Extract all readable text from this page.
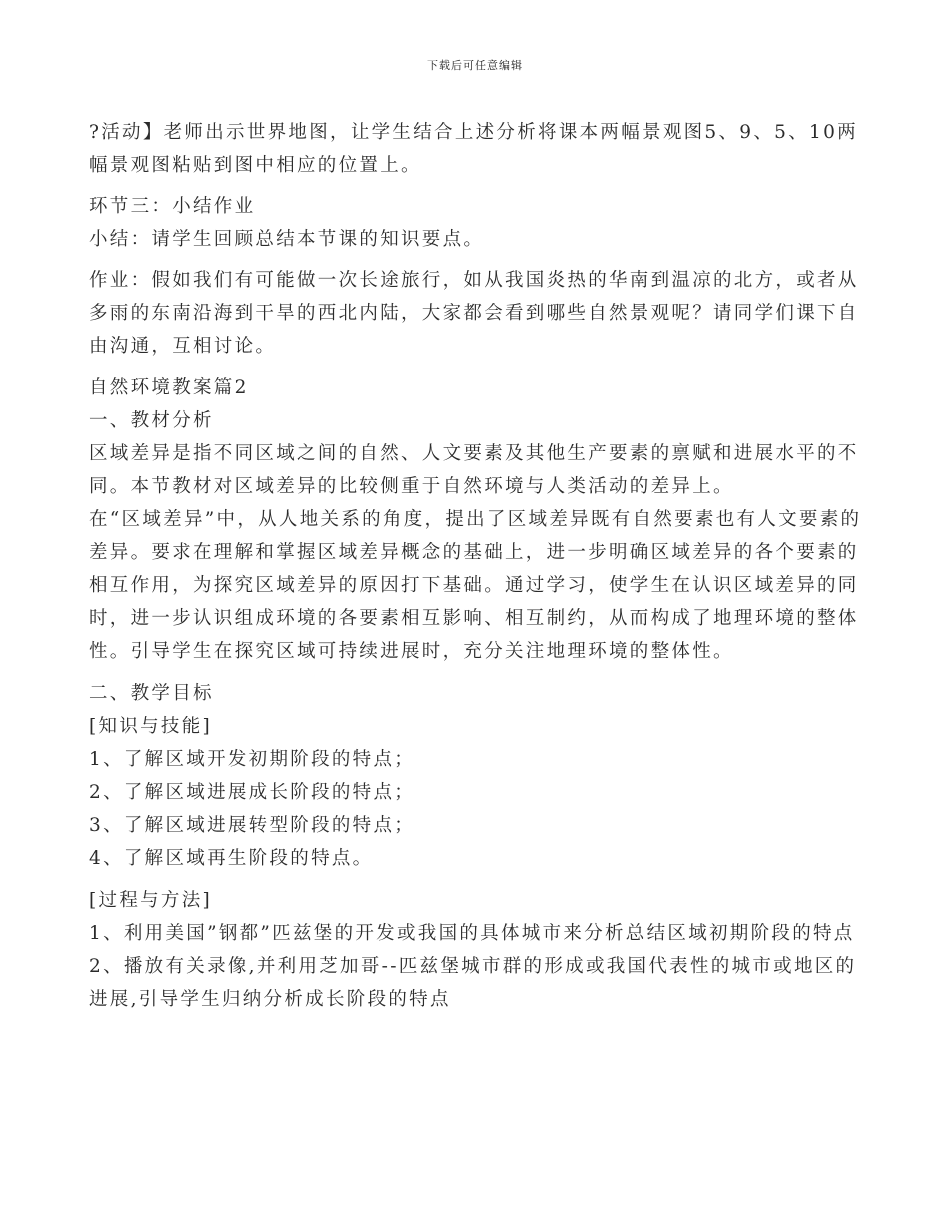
下载后可任意编辑

?活动】老师出示世界地图，让学生结合上述分析将课本两幅景观图5、9、5、10两幅景观图粘贴到图中相应的位置上。

环节三：小结作业

小结：请学生回顾总结本节课的知识要点。

作业：假如我们有可能做一次长途旅行，如从我国炎热的华南到温凉的北方，或者从多雨的东南沿海到干旱的西北内陆，大家都会看到哪些自然景观呢？请同学们课下自由沟通，互相讨论。

自然环境教案篇2

一、教材分析

区域差异是指不同区域之间的自然、人文要素及其他生产要素的禀赋和进展水平的不同。本节教材对区域差异的比较侧重于自然环境与人类活动的差异上。

在“区域差异”中，从人地关系的角度，提出了区域差异既有自然要素也有人文要素的差异。要求在理解和掌握区域差异概念的基础上，进一步明确区域差异的各个要素的相互作用，为探究区域差异的原因打下基础。通过学习，使学生在认识区域差异的同时，进一步认识组成环境的各要素相互影响、相互制约，从而构成了地理环境的整体性。引导学生在探究区域可持续进展时，充分关注地理环境的整体性。

二、教学目标

[知识与技能]

1、了解区域开发初期阶段的特点；

2、了解区域进展成长阶段的特点；

3、了解区域进展转型阶段的特点；

4、了解区域再生阶段的特点。

[过程与方法]

1、利用美国”钢都”匹兹堡的开发或我国的具体城市来分析总结区域初期阶段的特点

2、播放有关录像,并利用芝加哥--匹兹堡城市群的形成或我国代表性的城市或地区的进展,引导学生归纳分析成长阶段的特点
